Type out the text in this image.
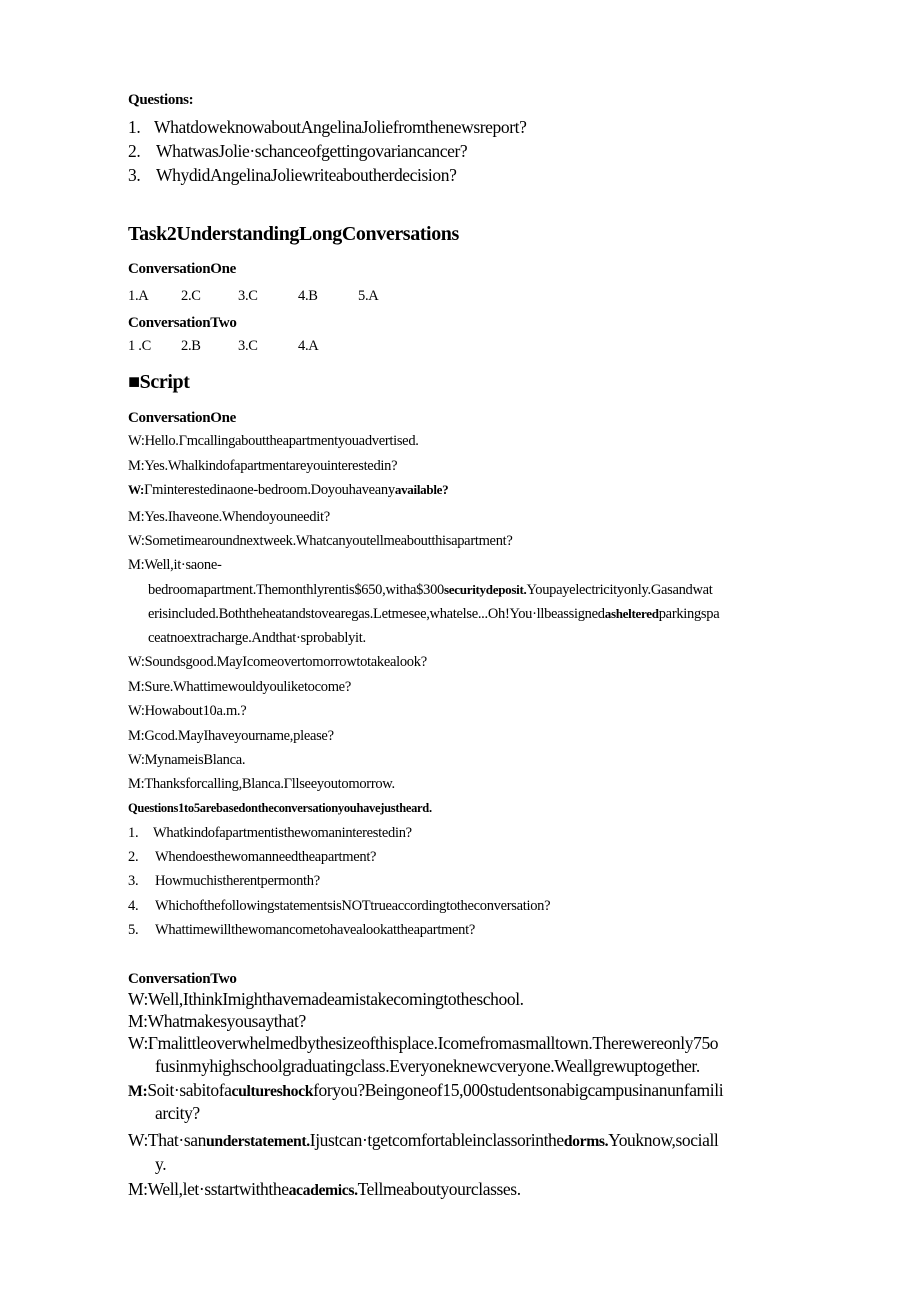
Questions:
1. WhatdoweknowaboutAngelinaJoliefromthenewsreport?
2. WhatwasJolie·schanceofgettingovariancancer?
3. WhydidAngelinaJoliewriteaboutherdecision?
Task2UnderstandingLongConversations
ConversationOne
1.A 2.C	3.C	4.B	5.A
ConversationTwo
1 .C 2.B	3.C	4.A
■Script
ConversationOne
W:Hello.Γmcallingabouttheapartmentyouadvertised.
M:Yes.Whalkindofapartmentareyouinterestedin?
W:Γminterestedinaone-bedroom.Doyouhaveanyavailable?
M:Yes.Ihaveone.Whendoyouneedit?
W:Sometimearoundnextweek.Whatcanyoutellmeaboutthisapartment?
M:Well,it·saone-
bedroomapartment.Themonthlyrentis$650,witha$300securitydeposit.Youpayelectricityonly.Gasandwat
erisincluded.Boththeheatandstovearegas.Letmesee,whatelse...Oh!You·llbeassignedashelteredparkingspa
ceatnoextracharge.Andthat·sprobablyit.
W:Soundsgood.MayIcomeovertomorrowtotakealook?
M:Sure.Whattimewouldyouliketocome?
W:Howabout10a.m.?
M:Gcod.MayIhaveyourname,please?
W:MynameisBlanca.
M:Thanksforcalling,Blanca.Γllseeyoutomorrow.
Questions1to5arebasedontheconversationyouhavejustheard.
1. Whatkindofapartmentisthewomaninterestedin?
2. Whendoesthewomanneedtheapartment?
3. Howmuchistherentpermonth?
4. WhichofthefollowingstatementsisNOTtrueaccordingtotheconversation?
5. Whattimewillthewomancometohavealookattheapartment?
ConversationTwo
W:Well,IthinkImighthavemadeamistakecomingtotheschool.
M:Whatmakesyousaythat?
W:Γmalittleoverwhelmedbythesizeofthisplace.Icomefromasmalltown.Therewereonly75o
fusinmyhighschoolgraduatingclass.Everyoneknewcveryone.Weallgrewuptogether.
M:Soit·sabitofacultureshockforyou?Beingoneof15,000studentsonabigcampusinanunfamili
arcity?
W:That·sanunderstatement.Ijustcan·tgetcomfortableinclassorinthedorms.Youknow,sociall
y.
M:Well,let·sstartwiththeacademics.Tellmeaboutyourclasses.
